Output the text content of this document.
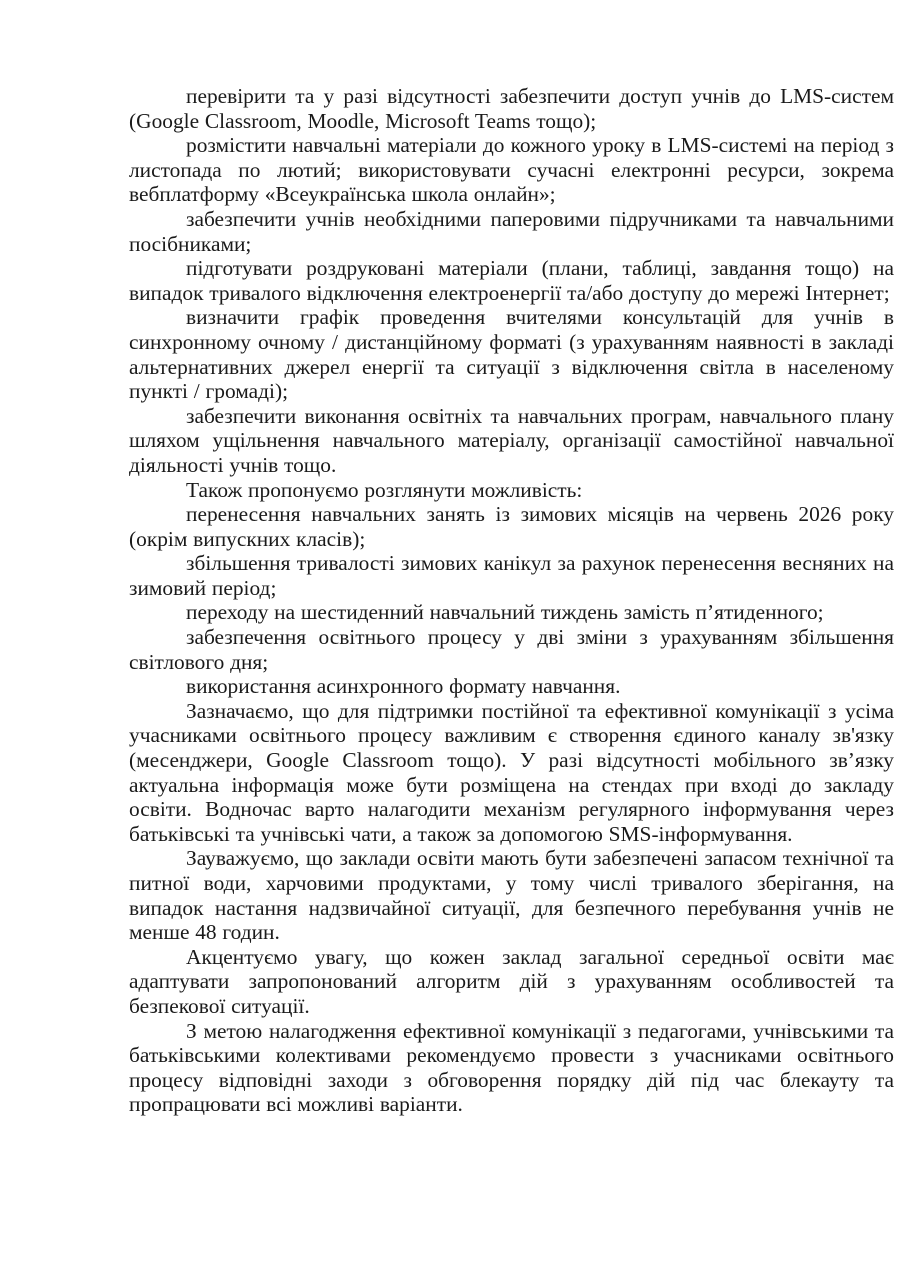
перевірити та у разі відсутності забезпечити доступ учнів до LMS-систем (Google Classroom, Moodle, Microsoft Teams тощо);

розмістити навчальні матеріали до кожного уроку в LMS-системі на період з листопада по лютий; використовувати сучасні електронні ресурси, зокрема вебплатформу «Всеукраїнська школа онлайн»;

забезпечити учнів необхідними паперовими підручниками та навчальними посібниками;

підготувати роздруковані матеріали (плани, таблиці, завдання тощо) на випадок тривалого відключення електроенергії та/або доступу до мережі Інтернет;

визначити графік проведення вчителями консультацій для учнів в синхронному очному / дистанційному форматі (з урахуванням наявності в закладі альтернативних джерел енергії та ситуації з відключення світла в населеному пункті / громаді);

забезпечити виконання освітніх та навчальних програм, навчального плану шляхом ущільнення навчального матеріалу, організації самостійної навчальної діяльності учнів тощо.

Також пропонуємо розглянути можливість:

перенесення навчальних занять із зимових місяців на червень 2026 року (окрім випускних класів);

збільшення тривалості зимових канікул за рахунок перенесення весняних на зимовий період;

переходу на шестиденний навчальний тиждень замість п’ятиденного;

забезпечення освітнього процесу у дві зміни з урахуванням збільшення світлового дня;

використання асинхронного формату навчання.

Зазначаємо, що для підтримки постійної та ефективної комунікації з усіма учасниками освітнього процесу важливим є створення єдиного каналу зв'язку (месенджери, Google Classroom тощо). У разі відсутності мобільного зв’язку актуальна інформація може бути розміщена на стендах при вході до закладу освіти. Водночас варто налагодити механізм регулярного інформування через батьківські та учнівські чати, а також за допомогою SMS-інформування.

Зауважуємо, що заклади освіти мають бути забезпечені запасом технічної та питної води, харчовими продуктами, у тому числі тривалого зберігання, на випадок настання надзвичайної ситуації, для безпечного перебування учнів не менше 48 годин.

Акцентуємо увагу, що кожен заклад загальної середньої освіти має адаптувати запропонований алгоритм дій з урахуванням особливостей та безпекової ситуації.

З метою налагодження ефективної комунікації з педагогами, учнівськими та батьківськими колективами рекомендуємо провести з учасниками освітнього процесу відповідні заходи з обговорення порядку дій під час блекауту та пропрацювати всі можливі варіанти.
